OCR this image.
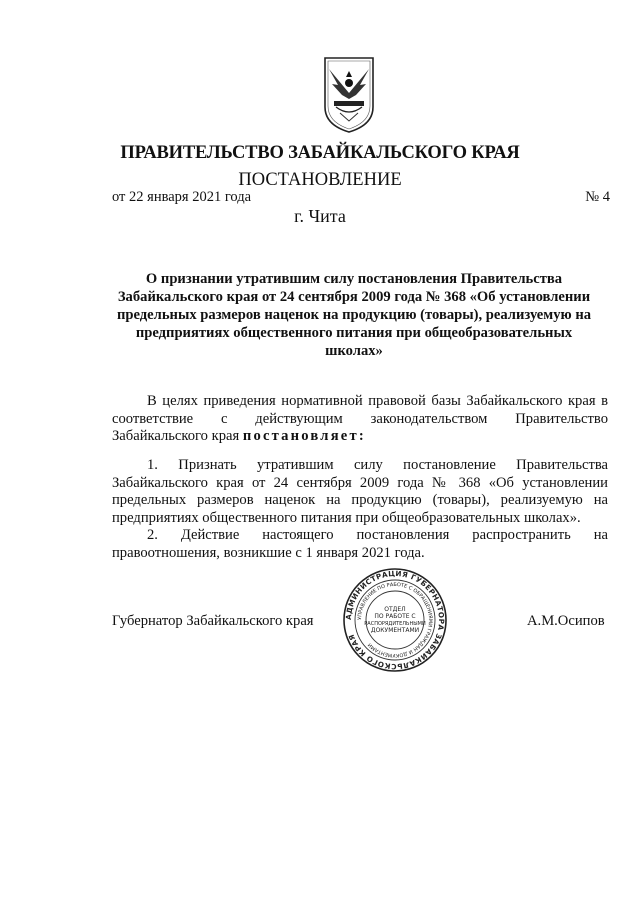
ПРАВИТЕЛЬСТВО ЗАБАЙКАЛЬСКОГО КРАЯ
ПОСТАНОВЛЕНИЕ
от 22 января 2021 года	№ 4
г. Чита
О признании утратившим силу постановления Правительства Забайкальского края от 24 сентября 2009 года № 368 «Об установлении предельных размеров наценок на продукцию (товары), реализуемую на предприятиях общественного питания при общеобразовательных школах»
В целях приведения нормативной правовой базы Забайкальского края в соответствие с действующим законодательством Правительство Забайкальского края постановляет:
1. Признать утратившим силу постановление Правительства Забайкальского края от 24 сентября 2009 года № 368 «Об установлении предельных размеров наценок на продукцию (товары), реализуемую на предприятиях общественного питания при общеобразовательных школах».
2. Действие настоящего постановления распространить на правоотношения, возникшие с 1 января 2021 года.
Губернатор Забайкальского края	А.М.Осипов
АДМИНИСТРАЦИЯ ГУБЕРНАТОРА ЗАБАЙКАЛЬСКОГО КРАЯ
УПРАВЛЕНИЕ ПО РАБОТЕ С ОБРАЩЕНИЯМИ ГРАЖДАН И ДОКУМЕНТАМИ
ОТДЕЛ
ПО РАБОТЕ С
РАСПОРЯДИТЕЛЬНЫМИ
ДОКУМЕНТАМИ
